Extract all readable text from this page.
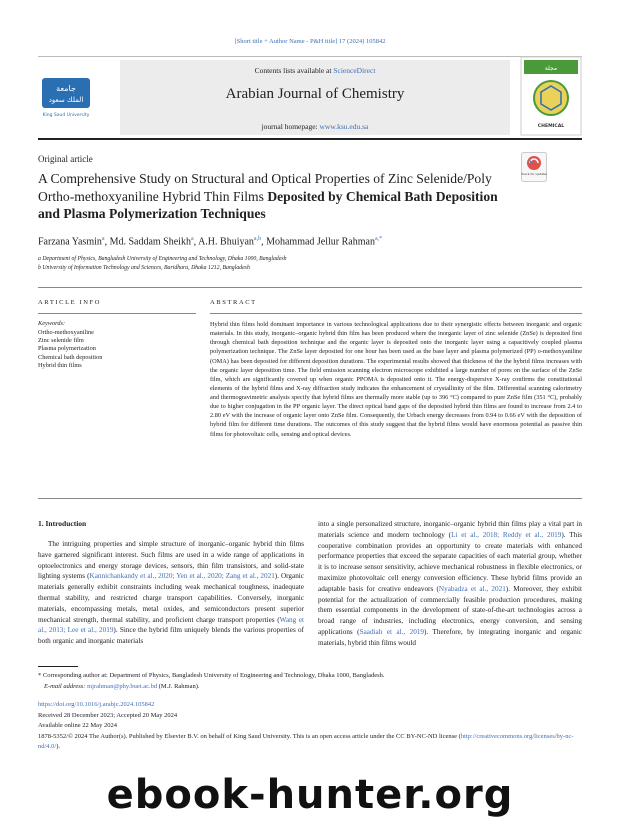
[Short title + Author Name - P&H title] 17 (2024) 105842
جامعة
الملك سعود
King Saud University
Contents lists available at ScienceDirect
Arabian Journal of Chemistry
journal homepage: www.ksu.edu.sa
مجلة
CHEMICAL
Original article
Check for updates
A Comprehensive Study on Structural and Optical Properties of Zinc Selenide/Poly Ortho-methoxyaniline Hybrid Thin Films Deposited by Chemical Bath Deposition and Plasma Polymerization Techniques
Farzana Yasmin$^a$, Md. Saddam Sheikh$^a$, A.H. Bhuiyan$^{a,b}$, Mohammad Jellur Rahman$^{a,*}$
a Department of Physics, Bangladesh University of Engineering and Technology, Dhaka 1000, Bangladesh
b University of Information Technology and Sciences, Baridhara, Dhaka 1212, Bangladesh
ARTICLE INFO	ABSTRACT
Keywords:
Ortho-methoxyaniline
Zinc selenide film
Plasma polymerization
Chemical bath deposition
Hybrid thin films
Hybrid thin films hold dominant importance in various technological applications due to their synergistic effects between inorganic and organic materials. In this study, inorganic–organic hybrid thin film has been produced where the inorganic layer of zinc selenide (ZnSe) is deposited first through chemical bath deposition technique and the organic layer is deposited onto the inorganic layer using a capacitively coupled plasma polymerization technique. The ZnSe layer deposited for one hour has been used as the base layer and plasma polymerized (PP) o-methoxyaniline (OMA) has been deposited for different deposition durations. The experimental results showed that thickness of the the hybrid films increases with the organic layer deposition time. The field emission scanning electron microscope exhibited a large number of pores on the surface of the ZnSe film, which are significantly covered up when organic PPOMA is deposited onto it. The energy-dispersive X-ray confirms the constitutional elements of the hybrid films and X-ray diffraction study indicates the enhancement of crystallinity of the film. Differential scanning calorimetry and thermogravimetric analysis specify that hybrid films are thermally more stable (up to 396 °C) compared to pure ZnSe film (351 °C), probably due to higher conjugation in the PP organic layer. The direct optical band gaps of the deposited hybrid thin films are found to increase from 2.4 to 2.80 eV with the increase of organic layer onto ZnSe film. Consequently, the Urbach energy decreases from 0.94 to 0.66 eV with the deposition of hybrid film for different time durations. The outcomes of this study suggest that the hybrid films would have enormous potential as passive thin films for photovoltaic cells, sensing and optical devices.
1. Introduction
The intriguing properties and simple structure of inorganic–organic hybrid thin films have garnered significant interest. Such films are used in a wide range of applications in optoelectronics and energy storage devices, sensors, thin film transistors, and solid-state lighting systems (Kannichankandy et al., 2020; Yen et al., 2020; Zang et al., 2021). Organic materials generally exhibit constraints including weak mechanical toughness, inadequate thermal stability, and restricted charge transport capabilities. Conversely, inorganic materials, encompassing metals, metal oxides, and semiconductors present superior mechanical strength, thermal stability, and proficient charge transport properties (Wang et al., 2013; Lee et al., 2019). Since the hybrid film uniquely blends the various properties of both organic and inorganic materials
into a single personalized structure, inorganic–organic hybrid thin films play a vital part in materials science and modern technology (Li et al., 2018; Reddy et al., 2019). This cooperative combination provides an opportunity to create materials with enhanced performance properties that exceed the separate capacities of each material group, whether it is to increase sensor sensitivity, achieve mechanical robustness in flexible electronics, or maximize photovoltaic cell energy conversion efficiency. These hybrid films provide an adaptable basis for creative endeavors (Nyabadza et al., 2021). Moreover, they exhibit potential for the actualization of commercially feasible production procedures, making them essential components in the development of state-of-the-art technologies across a broad range of industries, including electronics, energy conversion, and sensing applications (Saadiah et al., 2019). Therefore, by integrating inorganic and organic materials, hybrid thin films would
* Corresponding author at: Department of Physics, Bangladesh University of Engineering and Technology, Dhaka 1000, Bangladesh.
E-mail address: mjrahman@phy.buet.ac.bd (M.J. Rahman).
https://doi.org/10.1016/j.arabjc.2024.105842
Received 28 December 2023; Accepted 20 May 2024
Available online 22 May 2024
1878-5352/© 2024 The Author(s). Published by Elsevier B.V. on behalf of King Saud University. This is an open access article under the CC BY-NC-ND license (http://creativecommons.org/licenses/by-nc-nd/4.0/).
ebook-hunter.org
